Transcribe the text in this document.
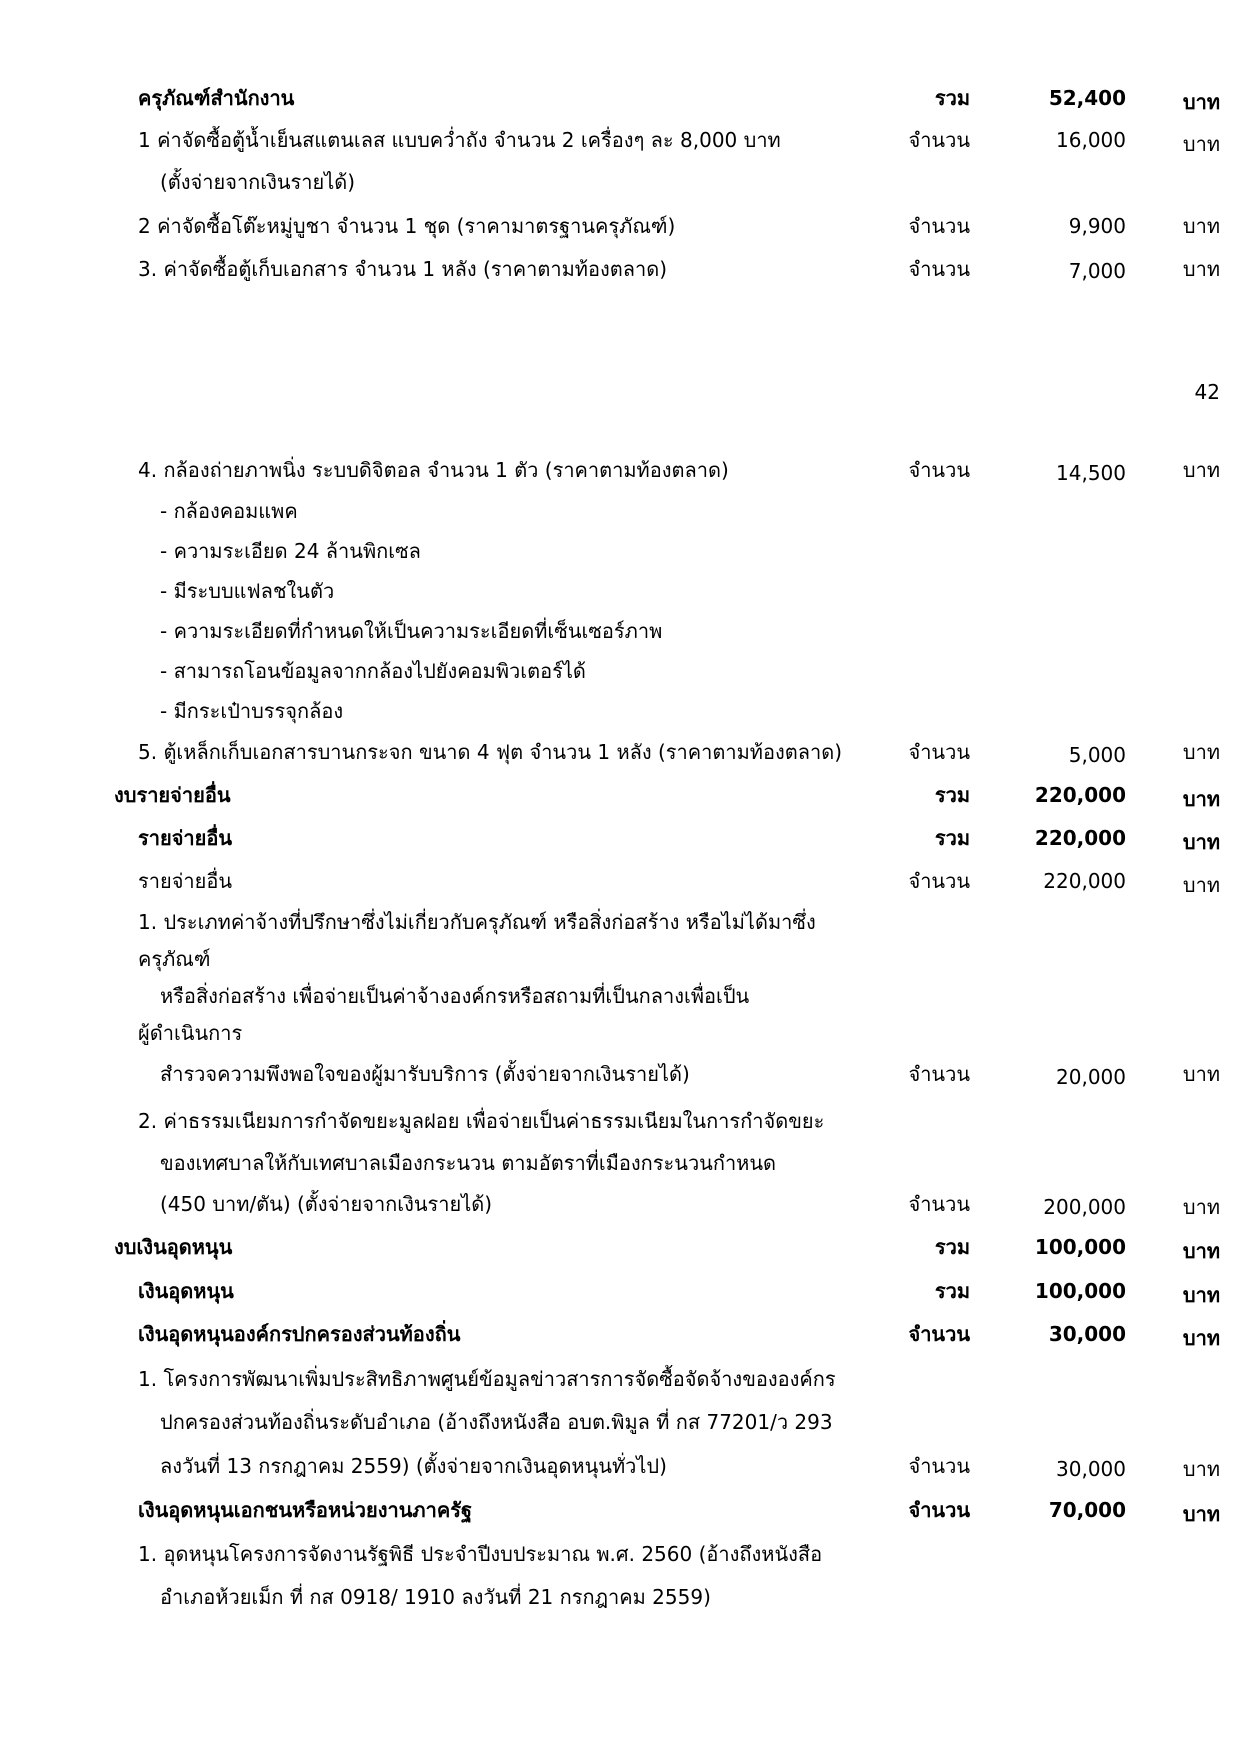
ครุภัณฑ์สำนักงาน	รวม	52,400	บาท
1 ค่าจัดซื้อตู้น้ำเย็นสแตนเลส แบบคว่ำถัง จำนวน 2 เครื่องๆ ละ 8,000 บาท	จำนวน	16,000	บาท
(ตั้งจ่ายจากเงินรายได้)
2 ค่าจัดซื้อโต๊ะหมู่บูชา จำนวน 1 ชุด (ราคามาตรฐานครุภัณฑ์)	จำนวน	9,900	บาท
3. ค่าจัดซื้อตู้เก็บเอกสาร จำนวน 1 หลัง (ราคาตามท้องตลาด)	จำนวน	7,000	บาท
42
4. กล้องถ่ายภาพนิ่ง ระบบดิจิตอล จำนวน 1 ตัว (ราคาตามท้องตลาด)	จำนวน	14,500	บาท
- กล้องคอมแพค
- ความระเอียด 24 ล้านพิกเซล
- มีระบบแฟลชในตัว
- ความระเอียดที่กำหนดให้เป็นความระเอียดที่เซ็นเซอร์ภาพ
- สามารถโอนข้อมูลจากกล้องไปยังคอมพิวเตอร์ได้
- มีกระเป๋าบรรจุกล้อง
5. ตู้เหล็กเก็บเอกสารบานกระจก ขนาด 4 ฟุต จำนวน 1 หลัง (ราคาตามท้องตลาด)	จำนวน	5,000	บาท
งบรายจ่ายอื่น	รวม	220,000	บาท
รายจ่ายอื่น	รวม	220,000	บาท
รายจ่ายอื่น	จำนวน	220,000	บาท
1. ประเภทค่าจ้างที่ปรึกษาซึ่งไม่เกี่ยวกับครุภัณฑ์ หรือสิ่งก่อสร้าง หรือไม่ได้มาซึ่ง
ครุภัณฑ์
หรือสิ่งก่อสร้าง เพื่อจ่ายเป็นค่าจ้างองค์กรหรือสถามที่เป็นกลางเพื่อเป็น
ผู้ดำเนินการ
สำรวจความพึงพอใจของผู้มารับบริการ (ตั้งจ่ายจากเงินรายได้)	จำนวน	20,000	บาท
2. ค่าธรรมเนียมการกำจัดขยะมูลฝอย เพื่อจ่ายเป็นค่าธรรมเนียมในการกำจัดขยะ
ของเทศบาลให้กับเทศบาลเมืองกระนวน ตามอัตราที่เมืองกระนวนกำหนด
(450 บาท/ตัน) (ตั้งจ่ายจากเงินรายได้)	จำนวน	200,000	บาท
งบเงินอุดหนุน	รวม	100,000	บาท
เงินอุดหนุน	รวม	100,000	บาท
เงินอุดหนุนองค์กรปกครองส่วนท้องถิ่น	จำนวน	30,000	บาท
1. โครงการพัฒนาเพิ่มประสิทธิภาพศูนย์ข้อมูลข่าวสารการจัดซื้อจัดจ้างขององค์กร
ปกครองส่วนท้องถิ่นระดับอำเภอ (อ้างถึงหนังสือ อบต.พิมูล ที่ กส 77201/ว 293
ลงวันที่ 13 กรกฎาคม 2559) (ตั้งจ่ายจากเงินอุดหนุนทั่วไป)	จำนวน	30,000	บาท
เงินอุดหนุนเอกชนหรือหน่วยงานภาครัฐ	จำนวน	70,000	บาท
1. อุดหนุนโครงการจัดงานรัฐพิธี ประจำปีงบประมาณ พ.ศ. 2560 (อ้างถึงหนังสือ
อำเภอห้วยเม็ก ที่ กส 0918/ 1910 ลงวันที่ 21 กรกฎาคม 2559)
